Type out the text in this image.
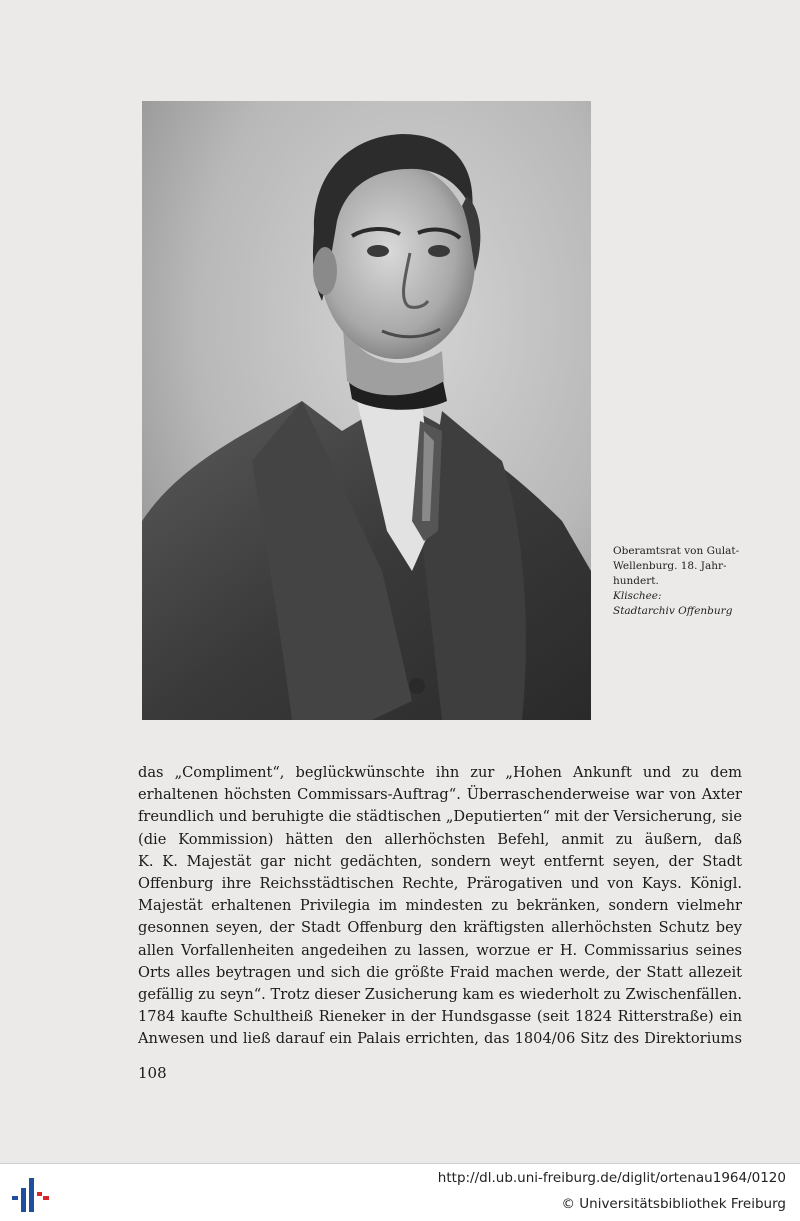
Oberamtsrat von Gulat-
Wellenburg. 18. Jahr-
hundert.
Klischee:
Stadtarchiv Offenburg
das „Compliment“, beglückwünschte ihn zur „Hohen Ankunft und zu dem
erhaltenen höchsten Commissars-Auftrag“. Überraschenderweise war von Axter
freundlich und beruhigte die städtischen „Deputierten“ mit der Versicherung, sie
(die Kommission) hätten den allerhöchsten Befehl, anmit zu äußern, daß
K. K. Majestät gar nicht gedächten, sondern weyt entfernt seyen, der Stadt
Offenburg ihre Reichsstädtischen Rechte, Prärogativen und von Kays. Königl.
Majestät erhaltenen Privilegia im mindesten zu bekränken, sondern vielmehr
gesonnen seyen, der Stadt Offenburg den kräftigsten allerhöchsten Schutz bey
allen Vorfallenheiten angedeihen zu lassen, worzue er H. Commissarius seines
Orts alles beytragen und sich die größte Fraid machen werde, der Statt allezeit
gefällig zu seyn“. Trotz dieser Zusicherung kam es wiederholt zu Zwischenfällen.
1784 kaufte Schultheiß Rieneker in der Hundsgasse (seit 1824 Ritterstraße) ein
Anwesen und ließ darauf ein Palais errichten, das 1804/06 Sitz des Direktoriums
108
http://dl.ub.uni-freiburg.de/diglit/ortenau1964/0120
© Universitätsbibliothek Freiburg
